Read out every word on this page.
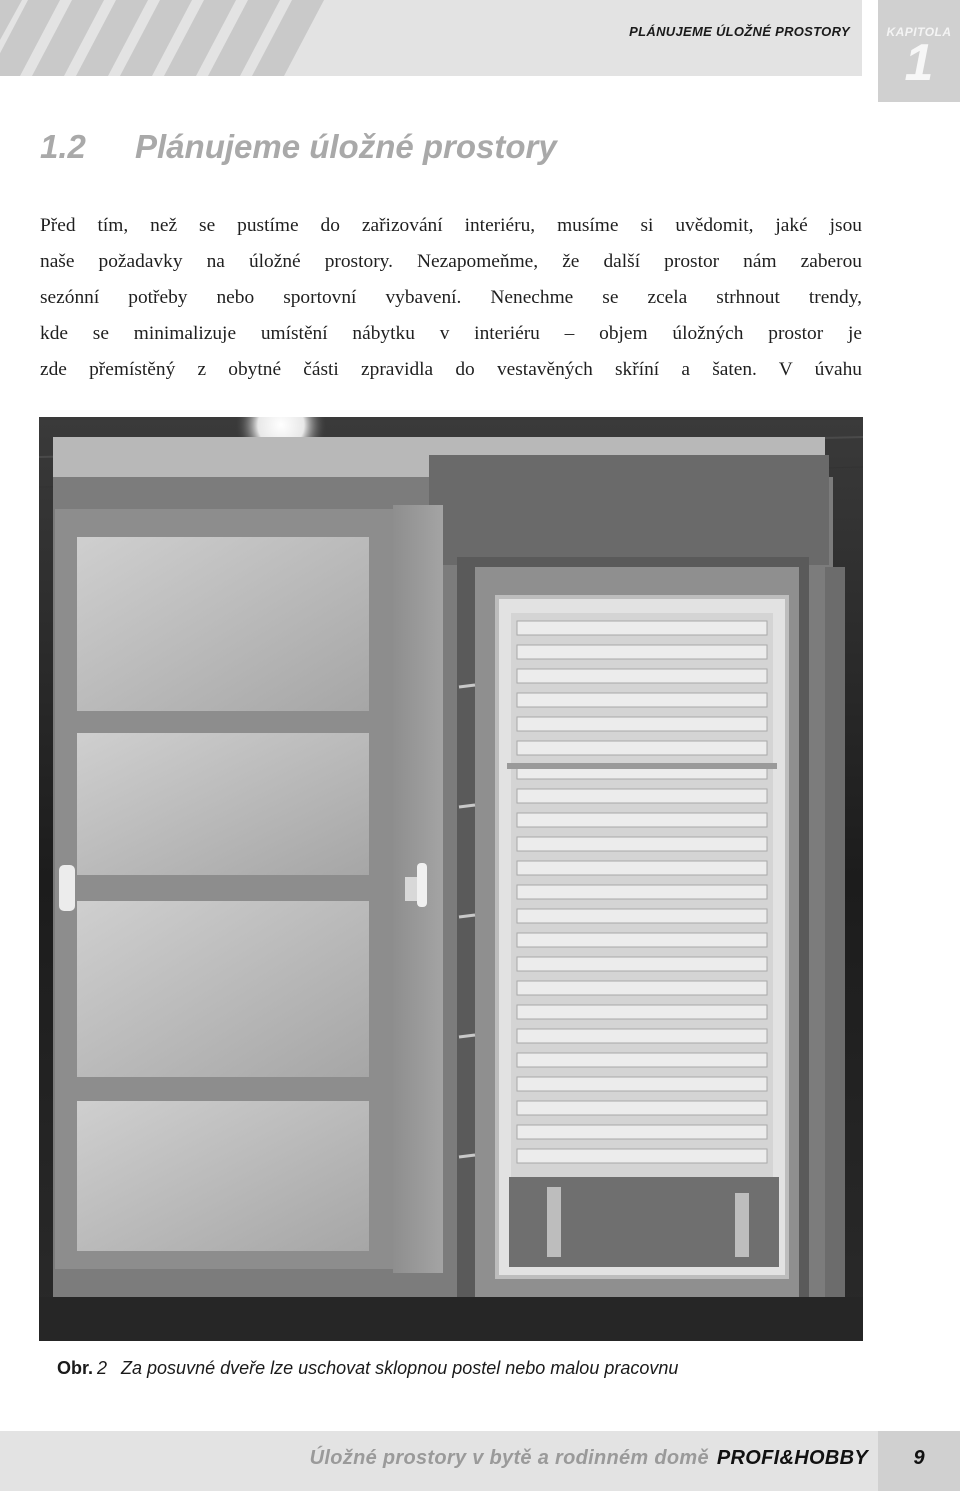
PLÁNUJEME ÚLOŽNÉ PROSTORY	KAPITOLA
1
1.2 Plánujeme úložné prostory
Před tím, než se pustíme do zařizování interiéru, musíme si uvědomit, jaké jsou
naše požadavky na úložné prostory. Nezapomeňme, že další prostor nám zaberou
sezónní potřeby nebo sportovní vybavení. Nenechme se zcela strhnout trendy,
kde se minimalizuje umístění nábytku v interiéru – objem úložných prostor je
zde přemístěný z obytné části zpravidla do vestavěných skříní a šaten. V úvahu
Obr. 2 Za posuvné dveře lze uschovat sklopnou postel nebo malou pracovnu
Úložné prostory v bytě a rodinném domě PROFI&HOBBY	9
